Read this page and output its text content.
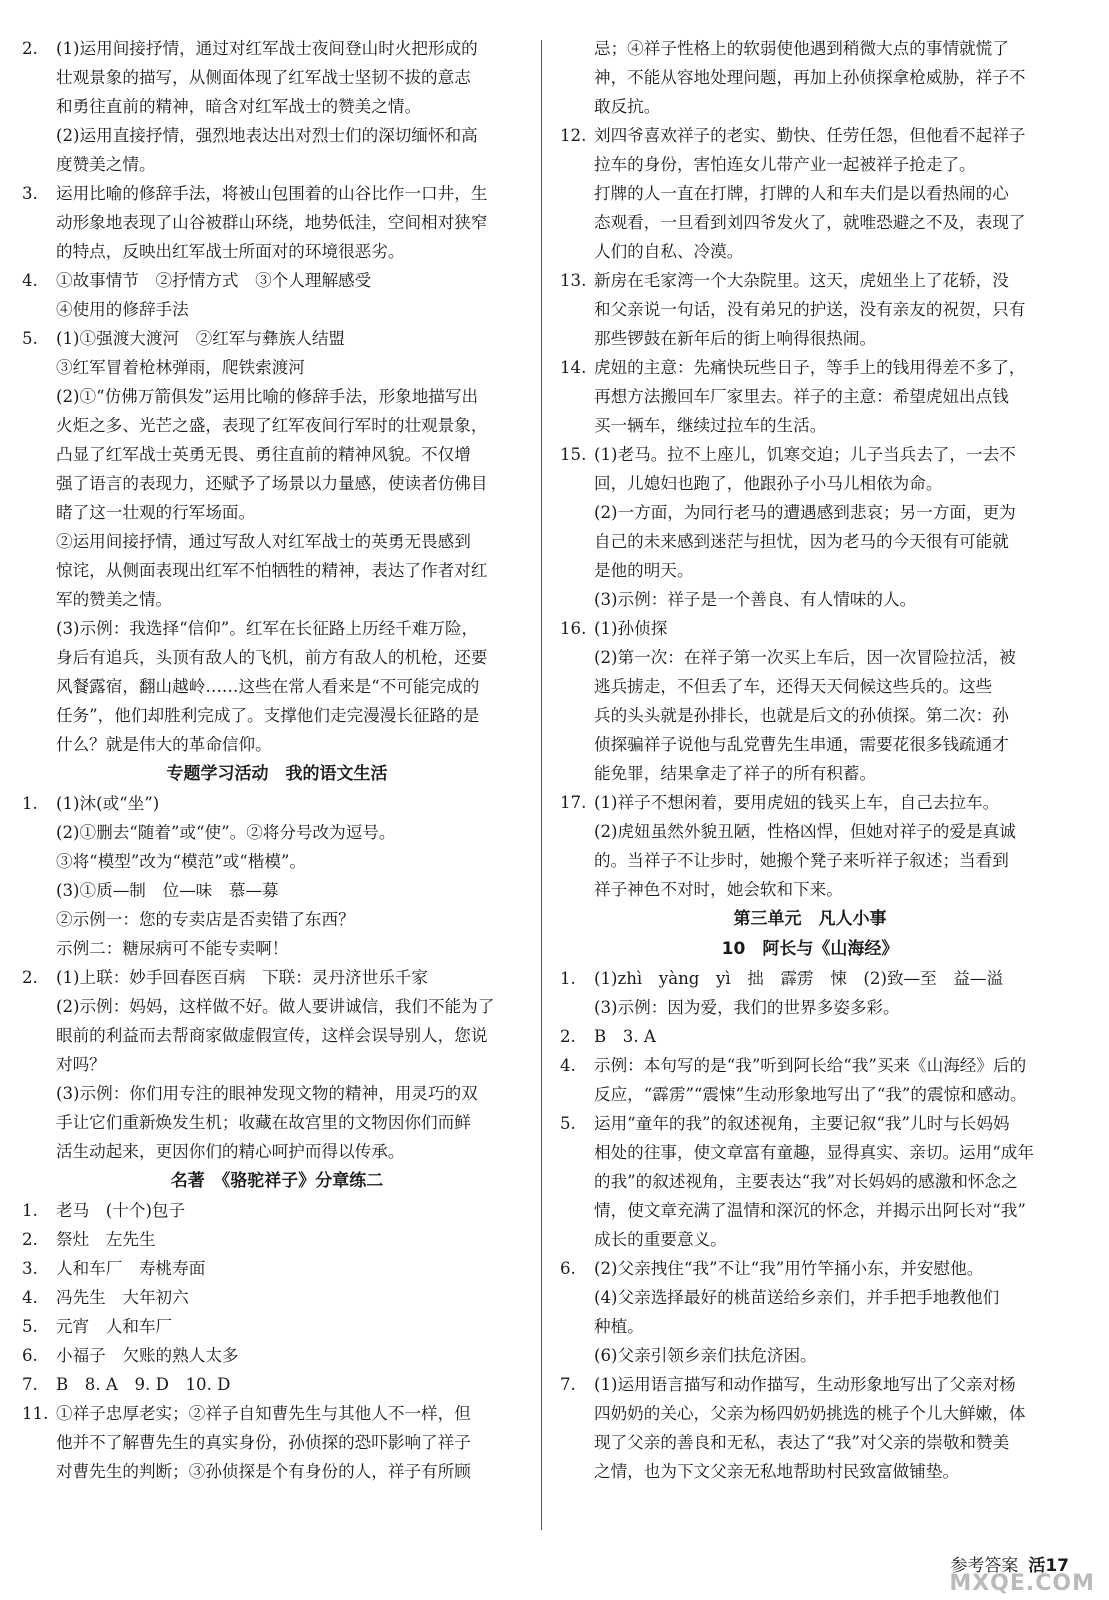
2. (1)运用间接抒情，通过对红军战士夜间登山时火把形成的
壮观景象的描写，从侧面体现了红军战士坚韧不拔的意志
和勇往直前的精神，暗含对红军战士的赞美之情。
(2)运用直接抒情，强烈地表达出对烈士们的深切缅怀和高
度赞美之情。
3. 运用比喻的修辞手法，将被山包围着的山谷比作一口井，生
动形象地表现了山谷被群山环绕，地势低洼，空间相对狭窄
的特点，反映出红军战士所面对的环境很恶劣。
4. ①故事情节　②抒情方式　③个人理解感受
④使用的修辞手法
5. (1)①强渡大渡河　②红军与彝族人结盟
③红军冒着枪林弹雨，爬铁索渡河
(2)①“仿佛万箭俱发”运用比喻的修辞手法，形象地描写出
火炬之多、光芒之盛，表现了红军夜间行军时的壮观景象，
凸显了红军战士英勇无畏、勇往直前的精神风貌。不仅增
强了语言的表现力，还赋予了场景以力量感，使读者仿佛目
睹了这一壮观的行军场面。
②运用间接抒情，通过写敌人对红军战士的英勇无畏感到
惊诧，从侧面表现出红军不怕牺牲的精神，表达了作者对红
军的赞美之情。
(3)示例：我选择“信仰”。红军在长征路上历经千难万险，
身后有追兵，头顶有敌人的飞机，前方有敌人的机枪，还要
风餐露宿，翻山越岭……这些在常人看来是“不可能完成的
任务”，他们却胜利完成了。支撑他们走完漫漫长征路的是
什么？就是伟大的革命信仰。
专题学习活动　我的语文生活
1. (1)沐(或“坐”)
(2)①删去“随着”或“使”。②将分号改为逗号。
③将“模型”改为“模范”或“楷模”。
(3)①质—制　位—味　慕—募
②示例一：您的专卖店是否卖错了东西？
示例二：糖尿病可不能专卖啊！
2. (1)上联：妙手回春医百病　下联：灵丹济世乐千家
(2)示例：妈妈，这样做不好。做人要讲诚信，我们不能为了
眼前的利益而去帮商家做虚假宣传，这样会误导别人，您说
对吗？
(3)示例：你们用专注的眼神发现文物的精神，用灵巧的双
手让它们重新焕发生机；收藏在故宫里的文物因你们而鲜
活生动起来，更因你们的精心呵护而得以传承。
名著　《骆驼祥子》分章练二
1. 老马　(十个)包子
2. 祭灶　左先生
3. 人和车厂　寿桃寿面
4. 冯先生　大年初六
5. 元宵　人和车厂
6. 小福子　欠账的熟人太多
7. B　8. A　9. D　10. D
11. ①祥子忠厚老实；②祥子自知曹先生与其他人不一样，但
他并不了解曹先生的真实身份，孙侦探的恐吓影响了祥子
对曹先生的判断；③孙侦探是个有身份的人，祥子有所顾
忌；④祥子性格上的软弱使他遇到稍微大点的事情就慌了
神，不能从容地处理问题，再加上孙侦探拿枪威胁，祥子不
敢反抗。
12. 刘四爷喜欢祥子的老实、勤快、任劳任怨，但他看不起祥子
拉车的身份，害怕连女儿带产业一起被祥子抢走了。
打牌的人一直在打牌，打牌的人和车夫们是以看热闹的心
态观看，一旦看到刘四爷发火了，就唯恐避之不及，表现了
人们的自私、冷漠。
13. 新房在毛家湾一个大杂院里。这天，虎妞坐上了花轿，没
和父亲说一句话，没有弟兄的护送，没有亲友的祝贺，只有
那些锣鼓在新年后的街上响得很热闹。
14. 虎妞的主意：先痛快玩些日子，等手上的钱用得差不多了，
再想方法搬回车厂家里去。祥子的主意：希望虎妞出点钱
买一辆车，继续过拉车的生活。
15. (1)老马。拉不上座儿，饥寒交迫；儿子当兵去了，一去不
回，儿媳妇也跑了，他跟孙子小马儿相依为命。
(2)一方面，为同行老马的遭遇感到悲哀；另一方面，更为
自己的未来感到迷茫与担忧，因为老马的今天很有可能就
是他的明天。
(3)示例：祥子是一个善良、有人情味的人。
16. (1)孙侦探
(2)第一次：在祥子第一次买上车后，因一次冒险拉活，被
逃兵掳走，不但丢了车，还得天天伺候这些兵的。这些
兵的头头就是孙排长，也就是后文的孙侦探。第二次：孙
侦探骗祥子说他与乱党曹先生串通，需要花很多钱疏通才
能免罪，结果拿走了祥子的所有积蓄。
17. (1)祥子不想闲着，要用虎妞的钱买上车，自己去拉车。
(2)虎妞虽然外貌丑陋，性格凶悍，但她对祥子的爱是真诚
的。当祥子不让步时，她搬个凳子来听祥子叙述；当看到
祥子神色不对时，她会软和下来。
第三单元　凡人小事
10　阿长与《山海经》
1. (1)zhì　yàng　yì　拙　霹雳　悚　(2)致—至　益—溢
(3)示例：因为爱，我们的世界多姿多彩。
2. B　3. A
4. 示例：本句写的是“我”听到阿长给“我”买来《山海经》后的
反应，“霹雳”“震悚”生动形象地写出了“我”的震惊和感动。
5. 运用“童年的我”的叙述视角，主要记叙“我”儿时与长妈妈
相处的往事，使文章富有童趣，显得真实、亲切。运用“成年
的我”的叙述视角，主要表达“我”对长妈妈的感激和怀念之
情，使文章充满了温情和深沉的怀念，并揭示出阿长对“我”
成长的重要意义。
6. (2)父亲拽住“我”不让“我”用竹竿捅小东，并安慰他。
(4)父亲选择最好的桃苗送给乡亲们，并手把手地教他们
种植。
(6)父亲引领乡亲们扶危济困。
7. (1)运用语言描写和动作描写，生动形象地写出了父亲对杨
四奶奶的关心，父亲为杨四奶奶挑选的桃子个儿大鲜嫩，体
现了父亲的善良和无私，表达了“我”对父亲的崇敬和赞美
之情，也为下文父亲无私地帮助村民致富做铺垫。
参考答案 活17
MXQE.COM
